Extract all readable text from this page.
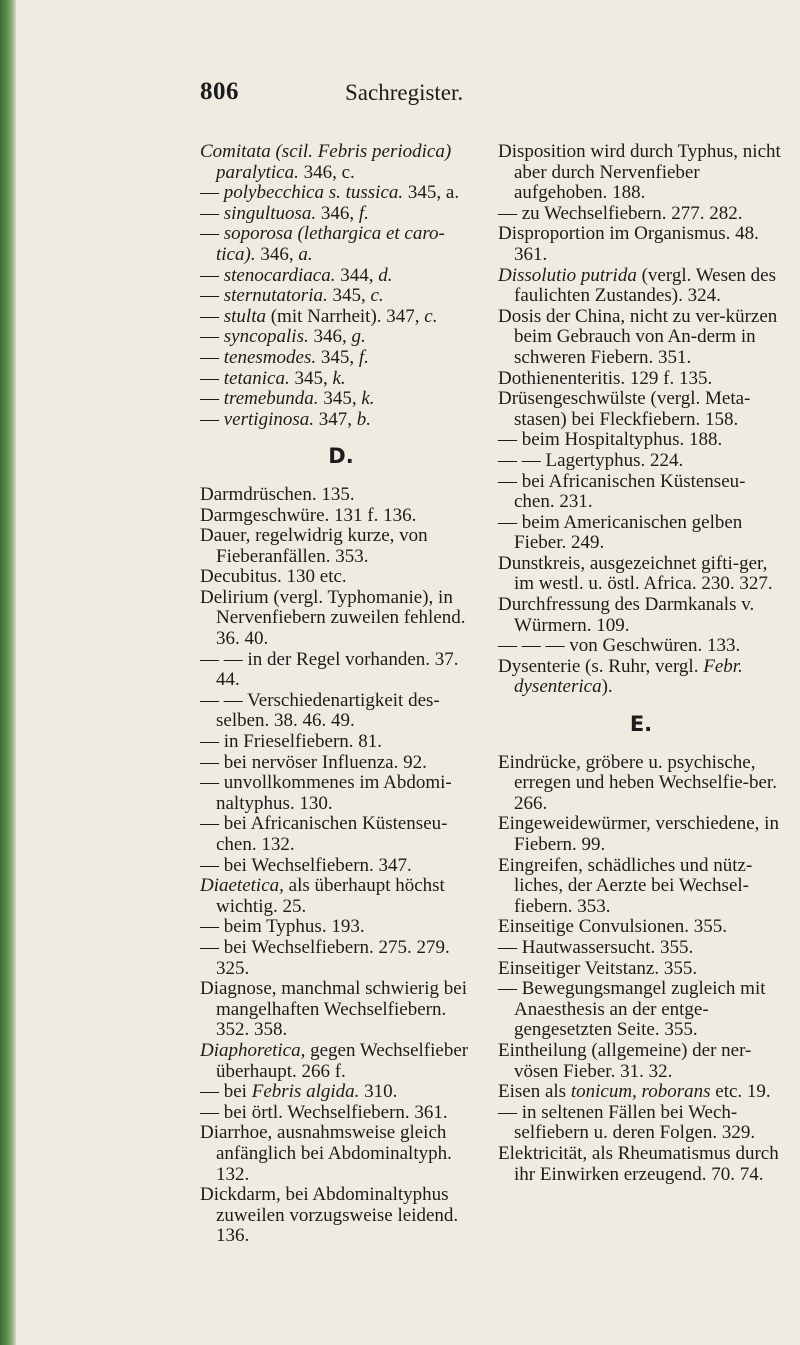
806	Sachregister.
Comitata (scil. Febris periodica) paralytica. 346, c.
— polybecchica s. tussica. 345, a.
— singultuosa. 346, f.
— soporosa (lethargica et caro-tica). 346, a.
— stenocardiaca. 344, d.
— sternutatoria. 345, c.
— stulta (mit Narrheit). 347, c.
— syncopalis. 346, g.
— tenesmodes. 345, f.
— tetanica. 345, k.
— tremebunda. 345, k.
— vertiginosa. 347, b.
D.
Darmdrüschen. 135.
Darmgeschwüre. 131 f. 136.
Dauer, regelwidrig kurze, von Fieberanfällen. 353.
Decubitus. 130 etc.
Delirium (vergl. Typhomanie), in Nervenfiebern zuweilen fehlend. 36. 40.
— — in der Regel vorhanden. 37. 44.
— — Verschiedenartigkeit des-selben. 38. 46. 49.
— in Frieselfiebern. 81.
— bei nervöser Influenza. 92.
— unvollkommenes im Abdomi-naltyphus. 130.
— bei Africanischen Küstenseu-chen. 132.
— bei Wechselfiebern. 347.
Diaetetica, als überhaupt höchst wichtig. 25.
— beim Typhus. 193.
— bei Wechselfiebern. 275. 279. 325.
Diagnose, manchmal schwierig bei mangelhaften Wechselfiebern. 352. 358.
Diaphoretica, gegen Wechselfieber überhaupt. 266 f.
— bei Febris algida. 310.
— bei örtl. Wechselfiebern. 361.
Diarrhoe, ausnahmsweise gleich anfänglich bei Abdominaltyph. 132.
Dickdarm, bei Abdominaltyphus zuweilen vorzugsweise leidend. 136.
Disposition wird durch Typhus, nicht aber durch Nervenfieber aufgehoben. 188.
— zu Wechselfiebern. 277. 282.
Disproportion im Organismus. 48. 361.
Dissolutio putrida (vergl. Wesen des faulichten Zustandes). 324.
Dosis der China, nicht zu ver-kürzen beim Gebrauch von An-derm in schweren Fiebern. 351.
Dothienenteritis. 129 f. 135.
Drüsengeschwülste (vergl. Meta-stasen) bei Fleckfiebern. 158.
— beim Hospitaltyphus. 188.
— — Lagertyphus. 224.
— bei Africanischen Küstenseu-chen. 231.
— beim Americanischen gelben Fieber. 249.
Dunstkreis, ausgezeichnet gifti-ger, im westl. u. östl. Africa. 230. 327.
Durchfressung des Darmkanals v. Würmern. 109.
— — — von Geschwüren. 133.
Dysenterie (s. Ruhr, vergl. Febr. dysenterica).
E.
Eindrücke, gröbere u. psychische, erregen und heben Wechselfie-ber. 266.
Eingeweidewürmer, verschiedene, in Fiebern. 99.
Eingreifen, schädliches und nütz-liches, der Aerzte bei Wechsel-fiebern. 353.
Einseitige Convulsionen. 355.
— Hautwassersucht. 355.
Einseitiger Veitstanz. 355.
— Bewegungsmangel zugleich mit Anaesthesis an der entge-gengesetzten Seite. 355.
Eintheilung (allgemeine) der ner-vösen Fieber. 31. 32.
Eisen als tonicum, roborans etc. 19.
— in seltenen Fällen bei Wech-selfiebern u. deren Folgen. 329.
Elektricität, als Rheumatismus durch ihr Einwirken erzeugend. 70. 74.
